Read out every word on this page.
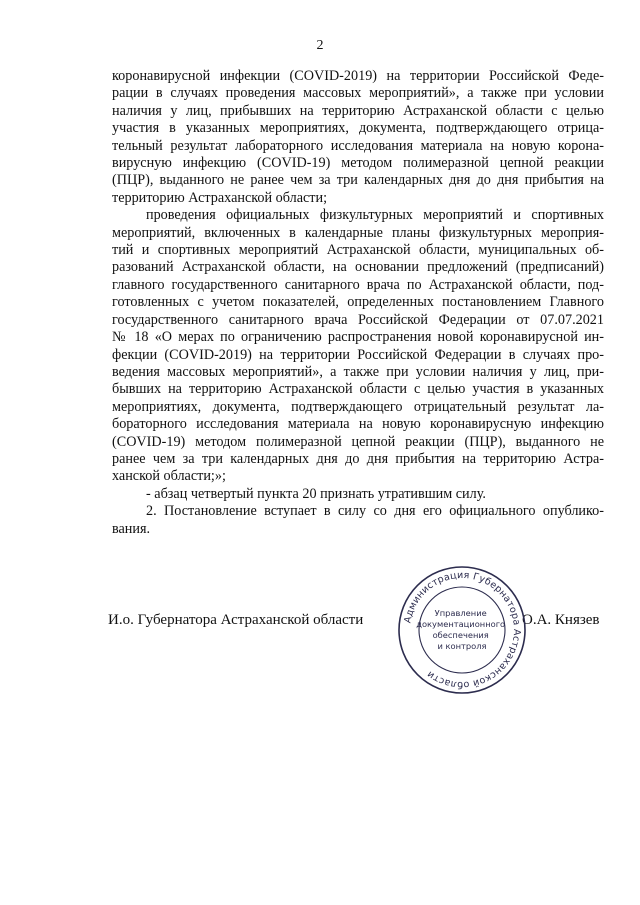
2

коронавирусной инфекции (COVID-2019) на территории Российской Феде-
рации в случаях проведения массовых мероприятий», а также при условии
наличия у лиц, прибывших на территорию Астраханской области с целью
участия в указанных мероприятиях, документа, подтверждающего отрица-
тельный результат лабораторного исследования материала на новую корона-
вирусную инфекцию (COVID-19) методом полимеразной цепной реакции
(ПЦР), выданного не ранее чем за три календарных дня до дня прибытия на
территорию Астраханской области;

проведения официальных физкультурных мероприятий и спортивных
мероприятий, включенных в календарные планы физкультурных мероприя-
тий и спортивных мероприятий Астраханской области, муниципальных об-
разований Астраханской области, на основании предложений (предписаний)
главного государственного санитарного врача по Астраханской области, под-
готовленных с учетом показателей, определенных постановлением Главного
государственного санитарного врача Российской Федерации от 07.07.2021
№ 18 «О мерах по ограничению распространения новой коронавирусной ин-
фекции (COVID-2019) на территории Российской Федерации в случаях про-
ведения массовых мероприятий», а также при условии наличия у лиц, при-
бывших на территорию Астраханской области с целью участия в указанных
мероприятиях, документа, подтверждающего отрицательный результат ла-
бораторного исследования материала на новую коронавирусную инфекцию
(COVID-19) методом полимеразной цепной реакции (ПЦР), выданного не
ранее чем за три календарных дня до дня прибытия на территорию Астра-
ханской области;»;

- абзац четвертый пункта 20 признать утратившим силу.

2. Постановление вступает в силу со дня его официального опублико-
вания.

И.о. Губернатора Астраханской области	О.А. Князев
Администрация Губернатора Астраханской области
Управление документационного обеспечения и контроля
